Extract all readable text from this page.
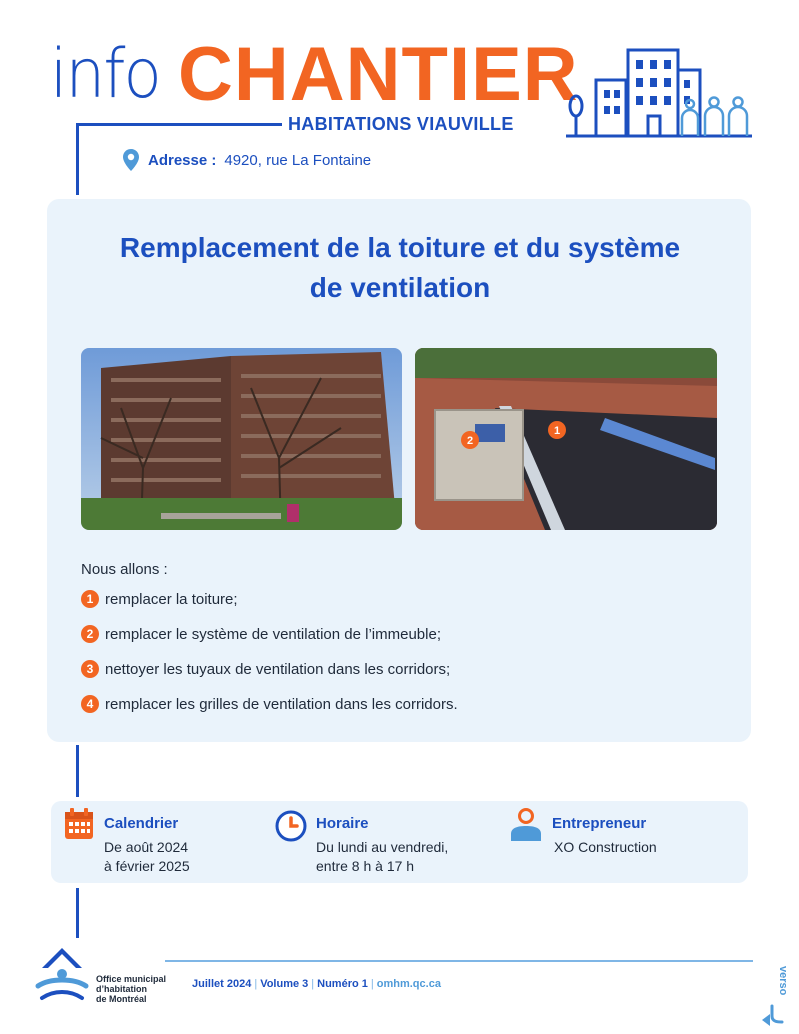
info CHANTIER
HABITATIONS VIAUVILLE
Adresse : 4920, rue La Fontaine
Remplacement de la toiture et du système
de ventilation
2
1
Nous allons :
1 remplacer la toiture;
2 remplacer le système de ventilation de l’immeuble;
3 nettoyer les tuyaux de ventilation dans les corridors;
4 remplacer les grilles de ventilation dans les corridors.
Calendrier
De août 2024
à février 2025
Horaire
Du lundi au vendredi,
entre 8 h à 17 h
Entrepreneur
XO Construction
Office municipal
d’habitation
de Montréal
Juillet 2024 | Volume 3 | Numéro 1 | omhm.qc.ca	verso
